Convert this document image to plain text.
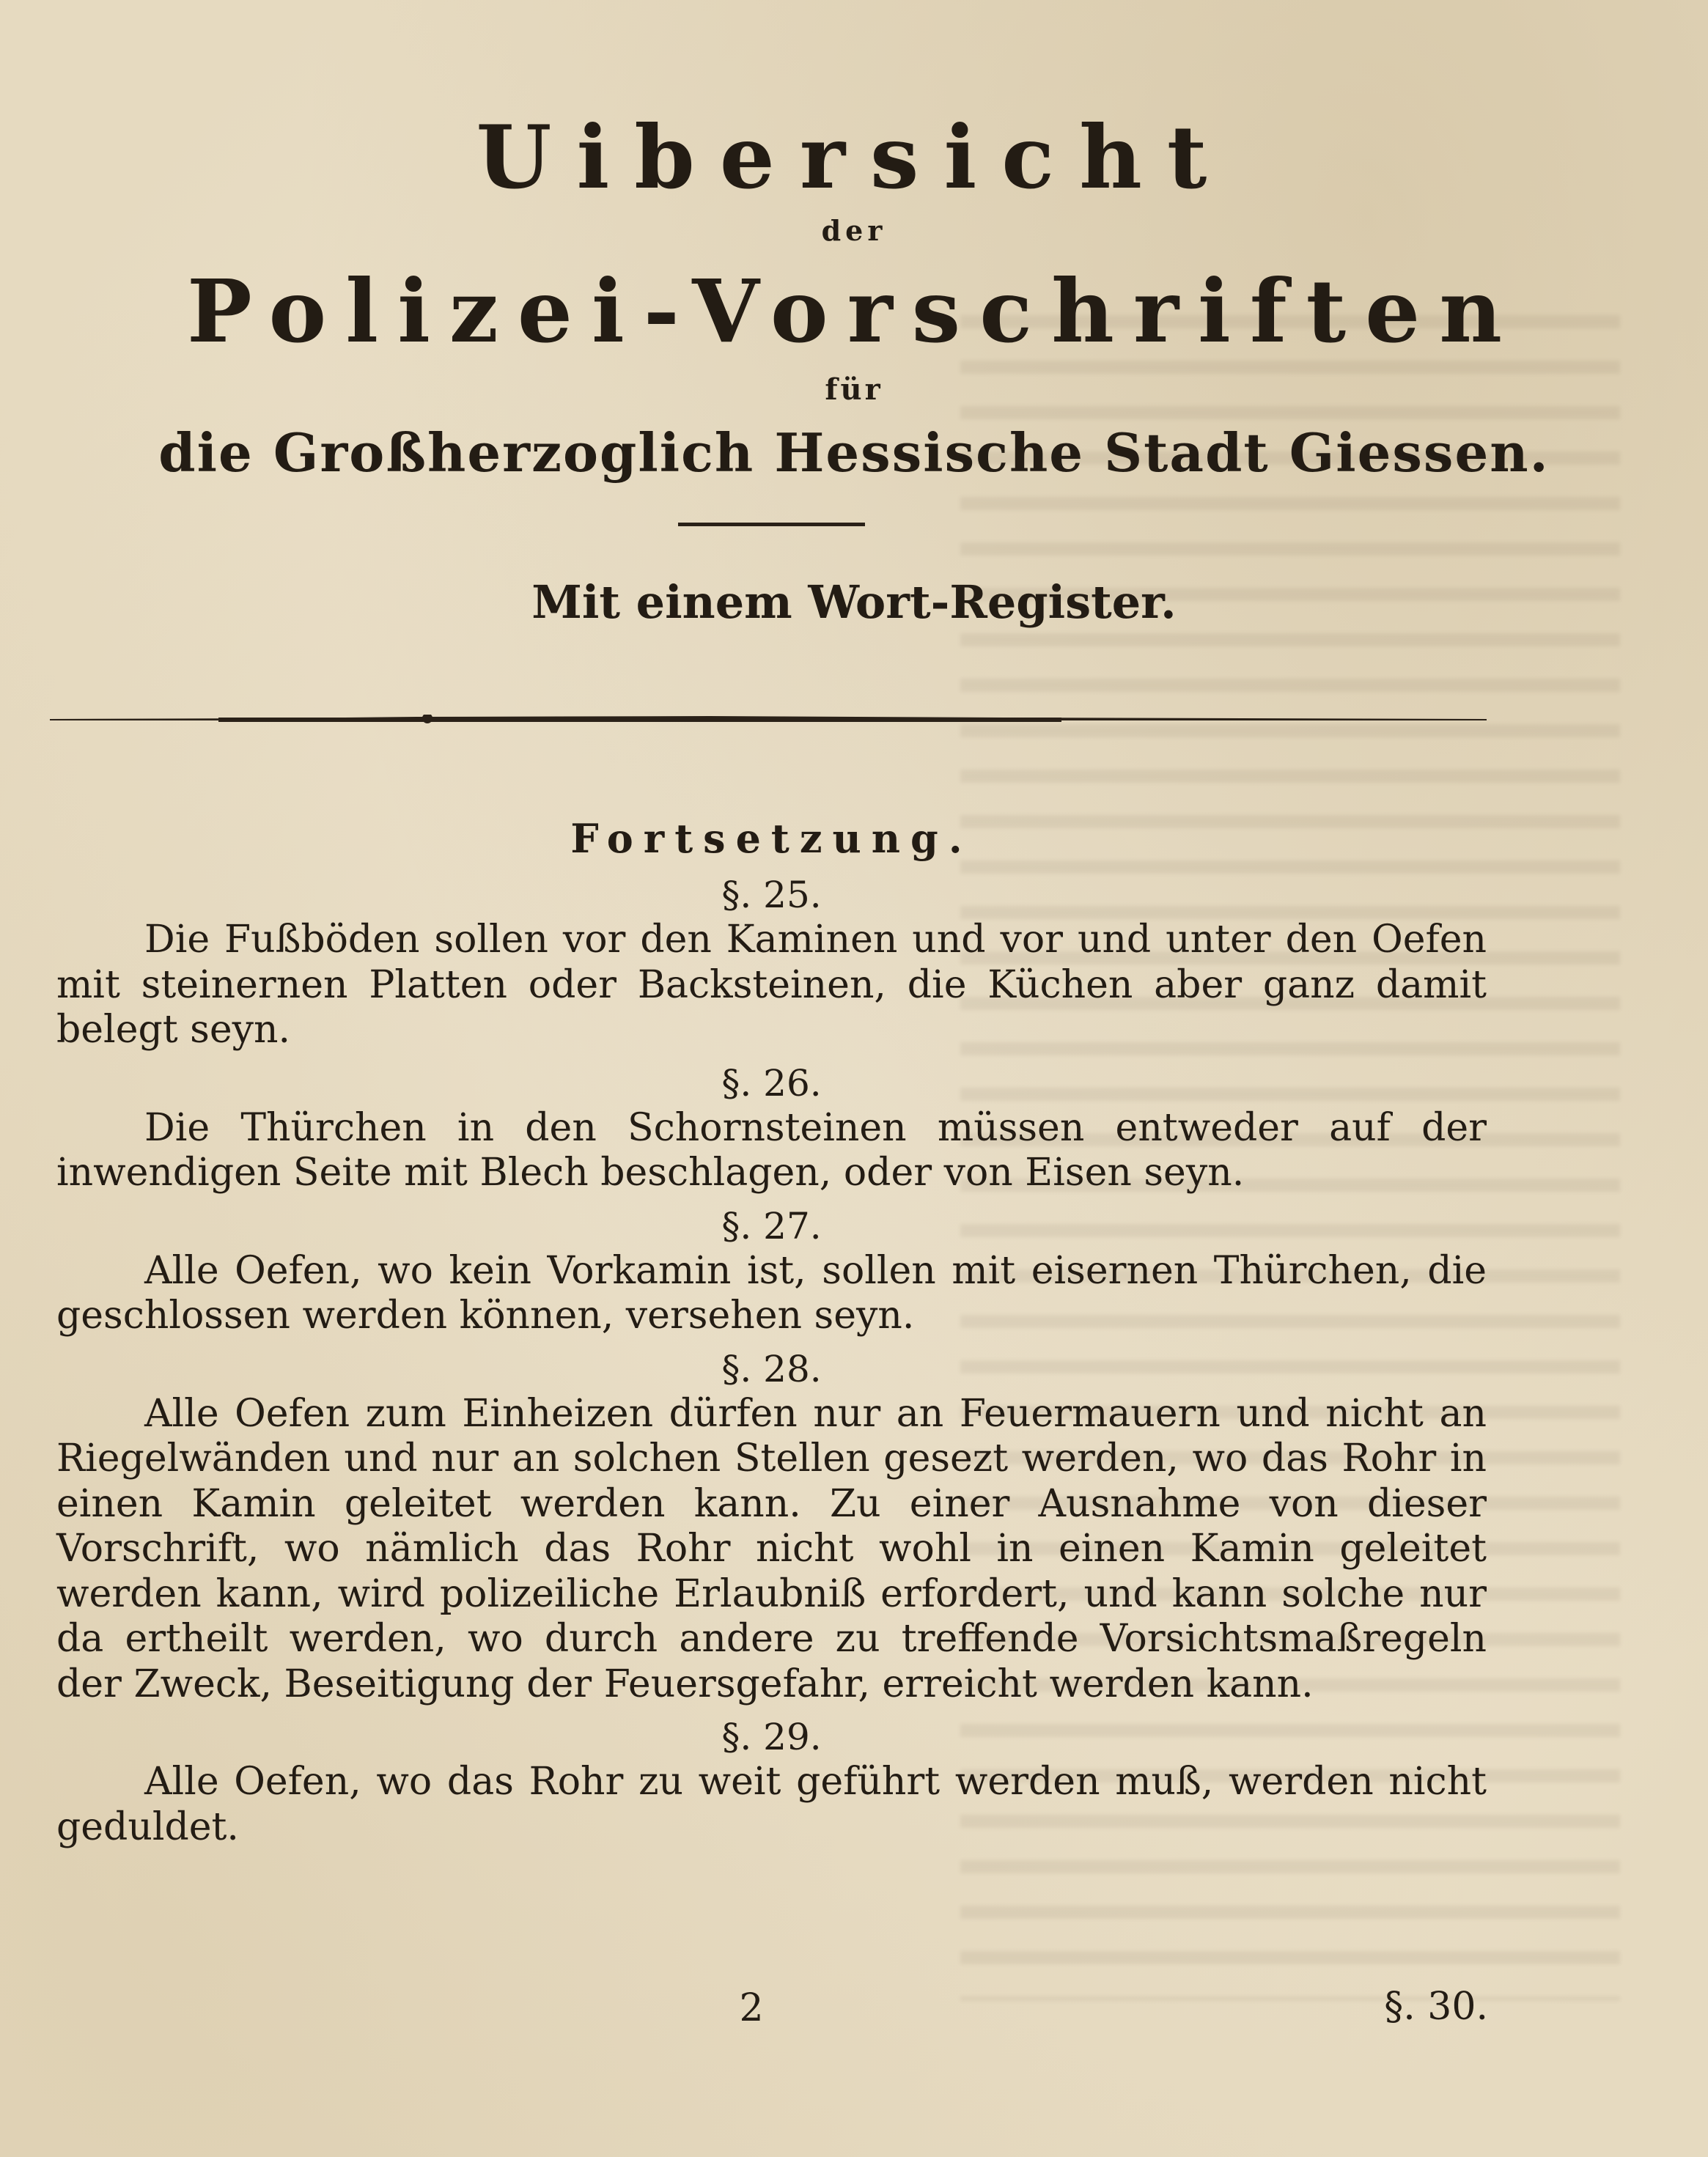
Uibersicht
der
Polizei-Vorschriften
für
die Großherzoglich Hessische Stadt Giessen.
Mit einem Wort-Register.
Fortsetzung.
§. 25.

Die Fußböden sollen vor den Kaminen und vor und unter den Oefen mit steinernen Platten oder Backsteinen, die Küchen aber ganz damit belegt seyn.

§. 26.

Die Thürchen in den Schornsteinen müssen entweder auf der inwendigen Seite mit Blech beschlagen, oder von Eisen seyn.

§. 27.

Alle Oefen, wo kein Vorkamin ist, sollen mit eisernen Thürchen, die geschlossen werden können, versehen seyn.

§. 28.

Alle Oefen zum Einheizen dürfen nur an Feuermauern und nicht an Riegelwänden und nur an solchen Stellen gesezt werden, wo das Rohr in einen Kamin geleitet werden kann. Zu einer Ausnahme von dieser Vorschrift, wo nämlich das Rohr nicht wohl in einen Kamin geleitet werden kann, wird polizeiliche Erlaubniß erfordert, und kann solche nur da ertheilt werden, wo durch andere zu treffende Vorsichtsmaßregeln der Zweck, Beseitigung der Feuersgefahr, erreicht werden kann.

§. 29.

Alle Oefen, wo das Rohr zu weit geführt werden muß, werden nicht geduldet.

2	§. 30.
